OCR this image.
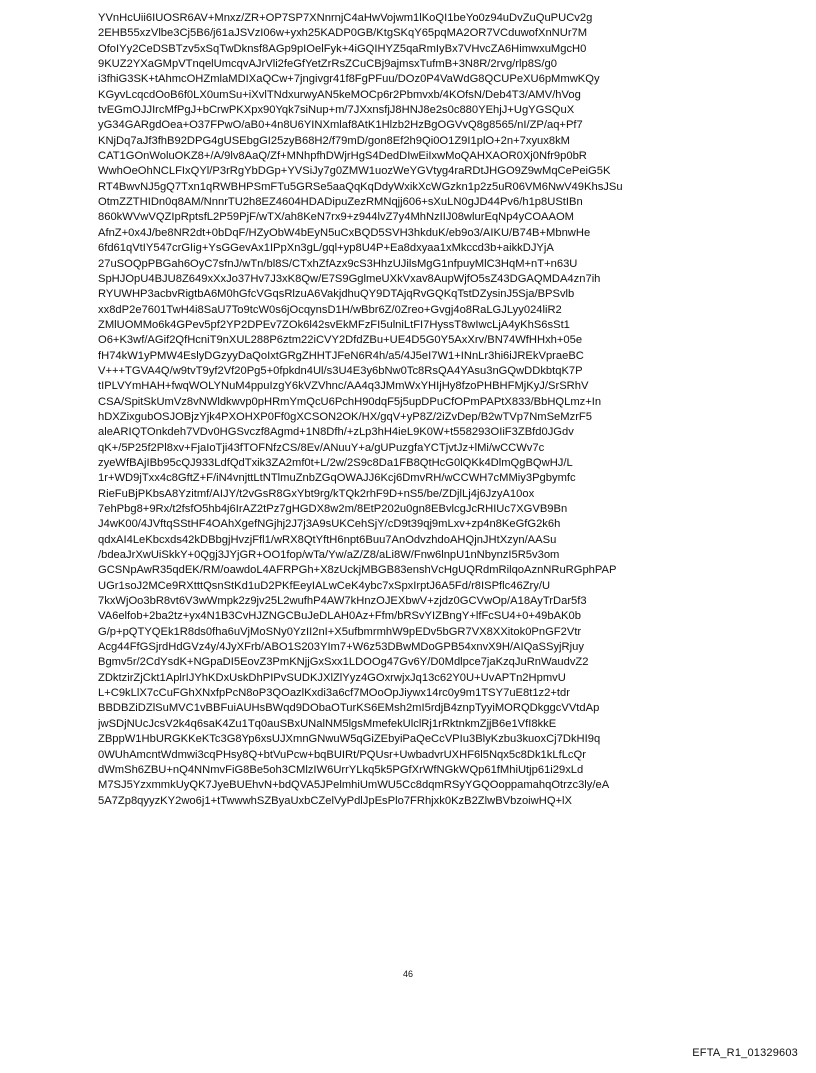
YVnHcUii6IUOSR6AV+Mnxz/ZR+OP7SP7XNnrnjC4aHwVojwm1lKoQI1beYo0z94uDvZuQuPUCv2g
2EHB55xzVlbe3Cj5B6/j61aJSVzI06w+yxh25KADP0GB/KtgSKqY65pqMA2OR7VCduwofXnNUr7M
OfoIYy2CeDSBTzv5xSqTwDknsf8AGp9pIOelFyk+4iGQIHYZ5qaRmIyBx7VHvcZA6HimwxuMgcH0
9KUZ2YXaGMpVTnqelUmcqvAJrVli2feGfYetZrRsZCuCBj9ajmsxTufmB+3N8R/2rvg/rlp8S/g0
i3fhiG3SK+tAhmcOHZmlaMDIXaQCw+7jngivgr41f8FgPFuu/DOz0P4VaWdG8QCUPeXU6pMmwKQy
KGyvLcqcdOoB6f0LX0umSu+iXvlTNdxurwyAN5keMOCp6r2Pbmvxb/4KOfsN/Deb4T3/AMV/hVog
tvEGmOJJIrcMfPgJ+bCrwPKXpx90Yqk7siNup+m/7JXxnsfjJ8HNJ8e2s0c880YEhjJ+UgYGSQuX
yG34GARgdOea+O37FPwO/aB0+4n8U6YINXmlaf8AtK1Hlzb2HzBgOGVvQ8g8565/nI/ZP/aq+Pf7
KNjDq7aJf3fhB92DPG4gUSEbgGI25zyB68H2/f79mD/gon8Ef2h9Qi0O1Z9I1plO+2n+7xyux8kM
CAT1GOnWoluOKZ8+/A/9lv8AaQ/Zf+MNhpfhDWjrHgS4DedDIwEiIxwMoQAHXAOR0Xj0Nfr9p0bR
WwhOeOhNCLFIxQYl/P3rRgYbDGp+YVSiJy7g0ZMW1uozWeYGVtyg4raRDtJHGO9Z9wMqCePeiG5K
RT4BwvNJ5gQ7Txn1qRWBHPSmFTu5GRSe5aaQqKqDdyWxikXcWGzkn1p2z5uR06VM6NwV49KhsJSu
OtmZZTHIDn0q8AM/NnnrTU2h8EZ4604HDADipuZezRMNqjj606+sXuLN0gJD44Pv6/h1p8UStIBn
860kWVwVQZIpRptsfL2P59PjF/wTX/ah8KeN7rx9+z944lvZ7y4MhNzIIJ08wlurEqNp4yCOAAOM
AfnZ+0x4J/be8NR2dt+0bDqF/HZyObW4bEyN5uCxBQD5SVH3hkduK/eb9o3/AIKU/B74B+MbnwHe
6fd61qVtIY547crGIig+YsGGevAx1IPpXn3gL/gql+yp8U4P+Ea8dxyaa1xMkccd3b+aikkDJYjA
27uSOQpPBGah6OyC7sfnJ/wTn/bl8S/CTxhZfAzx9cS3HhzUJilsMgG1nfpuyMlC3HqM+nT+n63U
SpHJOpU4BJU8Z649xXxJo37Hv7J3xK8Qw/E7S9GglmeUXkVxav8AupWjfO5sZ43DGAQMDA4zn7ih
RYUWHP3acbvRigtbA6M0hGfcVGqsRlzuA6VakjdhuQY9DTAjqRvGQKqTstDZysinJ5Sja/BPSvlb
xx8dP2e7601TwH4i8SaU7To9tcW0s6jOcqynsD1H/wBbr6Z/0Zreo+Gvgj4o8RaLGJLyy024liR2
ZMlUOMMo6k4GPev5pf2YP2DPEv7ZOk6l42svEkMFzFI5ulniLtFI7HyssT8wIwcLjA4yKhS6sSt1
O6+K3wf/AGif2QfHcniT9nXUL288P6ztm22iCVY2DfdZBu+UE4D5G0Y5AxXrv/BN74WfHHxh+05e
fH74kW1yPMW4EslyDGzyyDaQoIxtGRgZHHTJFeN6R4h/a5/4J5eI7W1+INnLr3hi6iJREkVpraeBC
V+++TGVA4Q/w9tvT9yf2Vf20Pg5+0fpkdn4Ul/s3U4E3y6bNw0Tc8RsQA4YAsu3nGQwDDkbtqK7P
tIPLVYmHAH+fwqWOLYNuM4ppuIzgY6kVZVhnc/AA4q3JMmWxYHIjHy8fzoPHBHFMjKyJ/SrSRhV
CSA/SpitSkUmVz8vNWldkwvp0pHRmYmQcU6PchH90dqF5j5upDPuCfOPmPAPtX833/BbHQLmz+In
hDXZixgubOSJOBjzYjk4PXOHXP0Ff0gXCSON2OK/HX/gqV+yP8Z/2iZvDep/B2wTVp7NmSeMzrF5
aleARIQTOnkdeh7VDv0HGSvczf8Agmd+1N8Dfh/+zLp3hH4ieL9K0W+t558293OIiF3ZBfd0JGdv
qK+/5P25f2Pl8xv+FjaIoTji43fTOFNfzCS/8Ev/ANuuY+a/gUPuzgfaYCTjvtJz+lMi/wCCWv7c
zyeWfBAjIBb95cQJ933LdfQdTxik3ZA2mf0t+L/2w/2S9c8Da1FB8QtHcG0lQKk4DlmQgBQwHJ/L
1r+WD9jTxx4c8GftZ+F/iN4vnjttLtNTlmuZnbZGqOWAJJ6Kcj6DmvRH/wCCWH7cMMiy3Pgbymfc
RieFuBjPKbsA8Yzitmf/AIJY/t2vGsR8GxYbt9rg/kTQk2rhF9D+nS5/be/ZDjlLj4j6JzyA10ox
7ehPbg8+9Rx/t2fsfO5hb4j6IrAZ2tPz7gHGDX8w2m/8EtP202u0gn8EBvlcgJcRHIUc7XGVB9Bn
J4wK00/4JVftqSStHF4OAhXgefNGjhj2J7j3A9sUKCehSjY/cD9t39qj9mLxv+zp4n8KeGfG2k6h
qdxAI4LeKbcxds42kDBbgjHvzjFfl1/wRX8QtYftH6npt6Buu7AnOdvzhdoAHQjnJHtXzyn/AASu
/bdeaJrXwUiSkkY+0Qgj3JYjGR+OO1fop/wTa/Yw/aZ/Z8/aLi8W/Fnw6lnpU1nNbynzI5R5v3om
GCSNpAwR35qdEK/RM/oawdoL4AFRPGh+X8zUckjMBGB83enshVcHgUQRdmRilqoAznNRuRGphPAP
UGr1soJ2MCe9RXtttQsnStKd1uD2PKfEeyIALwCeK4ybc7xSpxIrptJ6A5Fd/r8ISPflc46Zry/U
7kxWjOo3bR8vt6V3wWmpk2z9jv25L2wufhP4AW7kHnzOJEXbwV+zjdz0GCVwOp/A18AyTrDar5f3
VA6elfob+2ba2tz+yx4N1B3CvHJZNGCBuJeDLAH0Az+Ffm/bRSvYIZBngY+lfFcSU4+0+49bAK0b
G/p+pQTYQEk1R8ds0fha6uVjMoSNy0YzII2nI+X5ufbmrmhW9pEDv5bGR7VX8XXitok0PnGF2Vtr
Acg44FfGSjrdHdGVz4y/4JyXFrb/ABO1S203YIm7+W6z53DBwMDoGPB54xnvX9H/AIQaSSyjRjuy
Bgmv5r/2CdYsdK+NGpaDI5EovZ3PmKNjjGxSxx1LDOOg47Gv6Y/D0Mdlpce7jaKzqJuRnWaudvZ2
ZDktzirZjCkt1AplrIJYhKDxUskDhPIPvSUDKJXlZlYyz4GOxrwjxJq13c62Y0U+UvAPTn2HpmvU
L+C9kLlX7cCuFGhXNxfpPcN8oP3QOazlKxdi3a6cf7MOoOpJiywx14rc0y9m1TSY7uE8t1z2+tdr
BBDBZiDZlSuMVC1vBBFuiAUHsBWqd9DObaOTurKS6EMsh2mI5rdjB4znpTyyiMORQDkggcVVtdAp
jwSDjNUcJcsV2k4q6saK4Zu1Tq0auSBxUNalNM5lgsMmefekUlclRj1rRktnkmZjjB6e1VfI8kkE
ZBppW1HbURGKKeKTc3G8Yp6xsUJXmnGNwuW5qGiZEbyiPaQeCcVPIu3BlyKzbu3kuoxCj7DkHI9q
0WUhAmcntWdmwi3cqPHsy8Q+btVuPcw+bqBUIRt/PQUsr+UwbadvrUXHF6l5Nqx5c8Dk1kLfLcQr
dWmSh6ZBU+nQ4NNmvFiG8Be5oh3CMlzIW6UrrYLkq5k5PGfXrWfNGkWQp61fMhiUtjp61i29xLd
M7SJ5YzxmmkUyQK7JyeBUEhvN+bdQVA5JPelmhiUmWU5Cc8dqmRSyYGQOoppamahqOtrzc3ly/eA
5A7Zp8qyyzKY2wo6j1+tTwwwhSZByaUxbCZelVyPdlJpEsPlo7FRhjxk0KzB2ZlwBVbzoiwHQ+lX
46
EFTA_R1_01329603
